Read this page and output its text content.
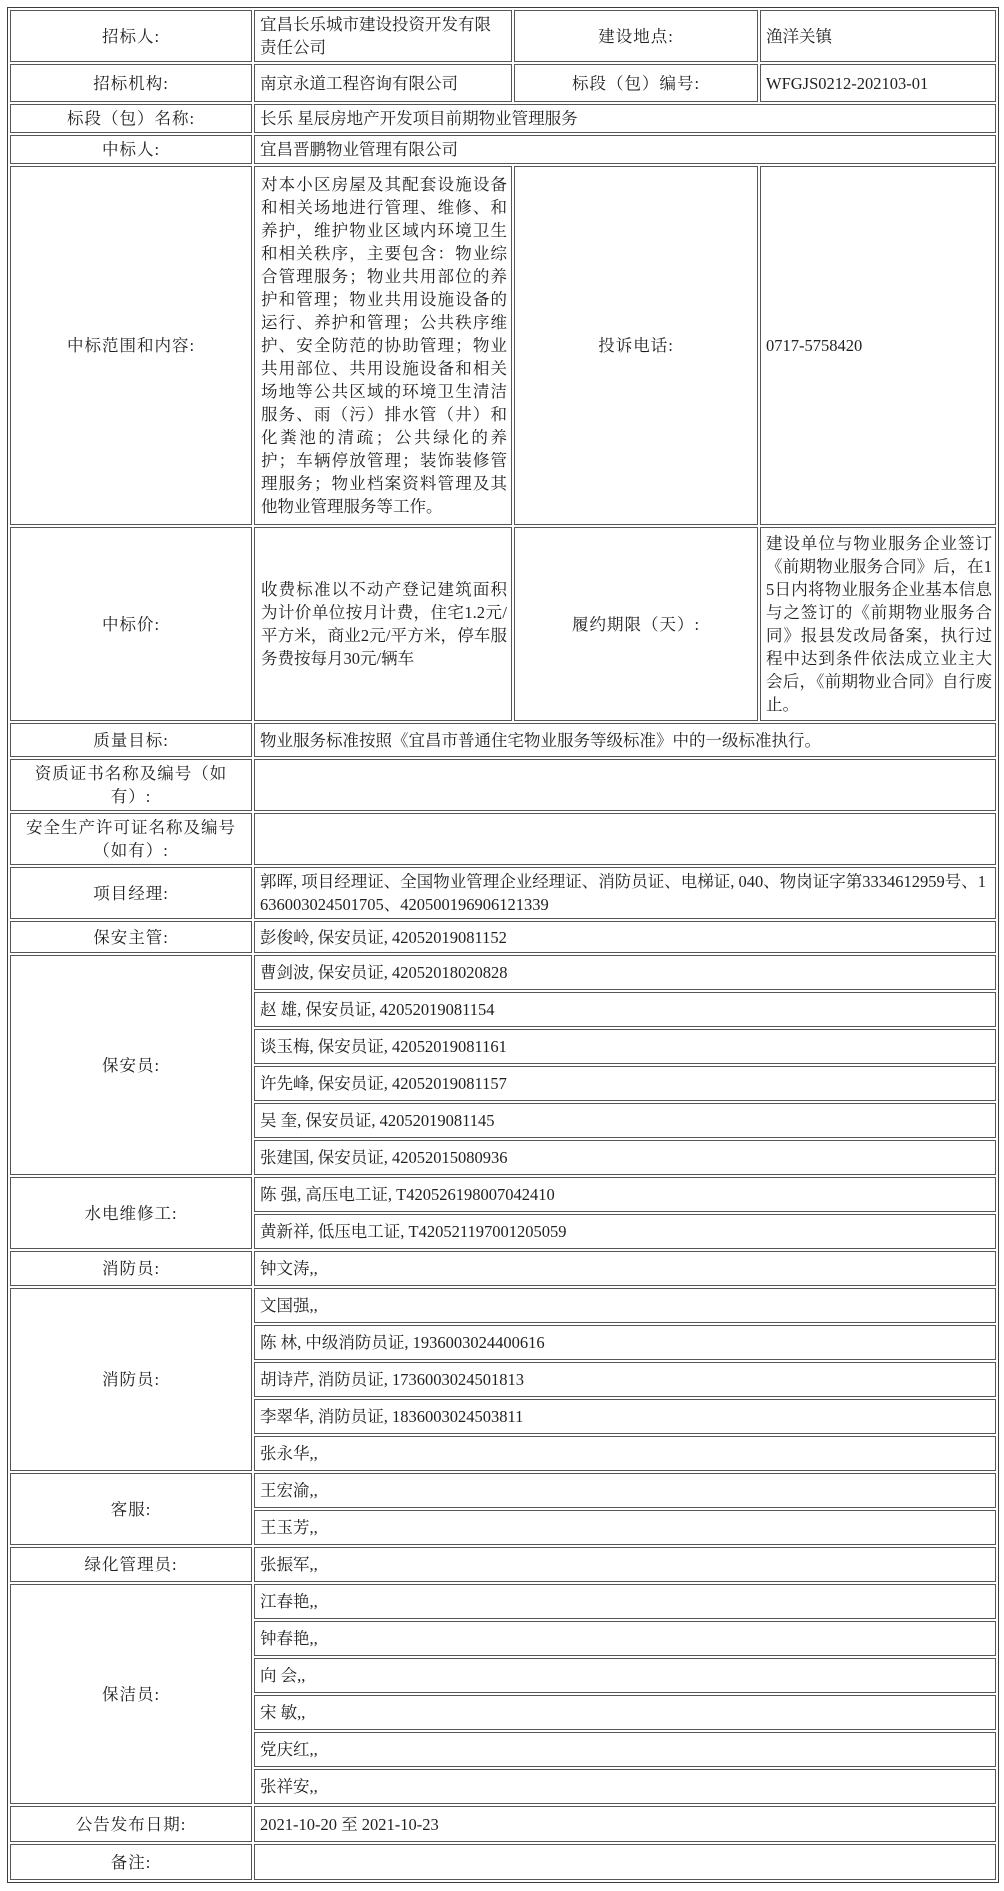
招标人:	宜昌长乐城市建设投资开发有限责任公司	建设地点:	渔洋关镇
招标机构:	南京永道工程咨询有限公司	标段（包）编号:	WFGJS0212-202103-01
标段（包）名称:	长乐 星辰房地产开发项目前期物业管理服务		
中标人:	宜昌晋鹏物业管理有限公司		
中标范围和内容:	对本小区房屋及其配套设施设备和相关场地进行管理、维修、和养护，维护物业区域内环境卫生和相关秩序，主要包含：物业综合管理服务；物业共用部位的养护和管理；物业共用设施设备的运行、养护和管理；公共秩序维护、安全防范的协助管理；物业共用部位、共用设施设备和相关场地等公共区域的环境卫生清洁服务、雨（污）排水管（井）和化粪池的清疏；公共绿化的养护；车辆停放管理；装饰装修管理服务；物业档案资料管理及其他物业管理服务等工作。	投诉电话:	0717-5758420
中标价:	收费标准以不动产登记建筑面积为计价单位按月计费，住宅1.2元/平方米，商业2元/平方米，停车服务费按每月30元/辆车	履约期限（天）:	建设单位与物业服务企业签订《前期物业服务合同》后，在15日内将物业服务企业基本信息与之签订的《前期物业服务合同》报县发改局备案，执行过程中达到条件依法成立业主大会后，《前期物业合同》自行废止。
质量目标:	物业服务标准按照《宜昌市普通住宅物业服务等级标准》中的一级标准执行。		
资质证书名称及编号（如有）:			
安全生产许可证名称及编号（如有）:			
项目经理:	郭晖, 项目经理证、全国物业管理企业经理证、消防员证、电梯证, 040、物岗证字第3334612959号、1636003024501705、420500196906121339		
保安主管:	彭俊岭, 保安员证, 42052019081152		
保安员:	曹剑波, 保安员证, 42052018020828		
	赵 雄, 保安员证, 42052019081154		
	谈玉梅, 保安员证, 42052019081161		
	许先峰, 保安员证, 42052019081157		
	吴 奎, 保安员证, 42052019081145		
	张建国, 保安员证, 42052015080936		
水电维修工:	陈 强, 高压电工证, T420526198007042410		
	黄新祥, 低压电工证, T420521197001205059		
消防员:	钟文涛,,		
消防员:	文国强,,		
	陈 林, 中级消防员证, 1936003024400616		
	胡诗芹, 消防员证, 1736003024501813		
	李翠华, 消防员证, 1836003024503811		
	张永华,,		
客服:	王宏渝,,		
	王玉芳,,		
绿化管理员:	张振军,,		
保洁员:	江春艳,,		
	钟春艳,,		
	向 会,,		
	宋 敏,,		
	党庆红,,		
	张祥安,,		
公告发布日期:	2021-10-20 至 2021-10-23		
备注:			
